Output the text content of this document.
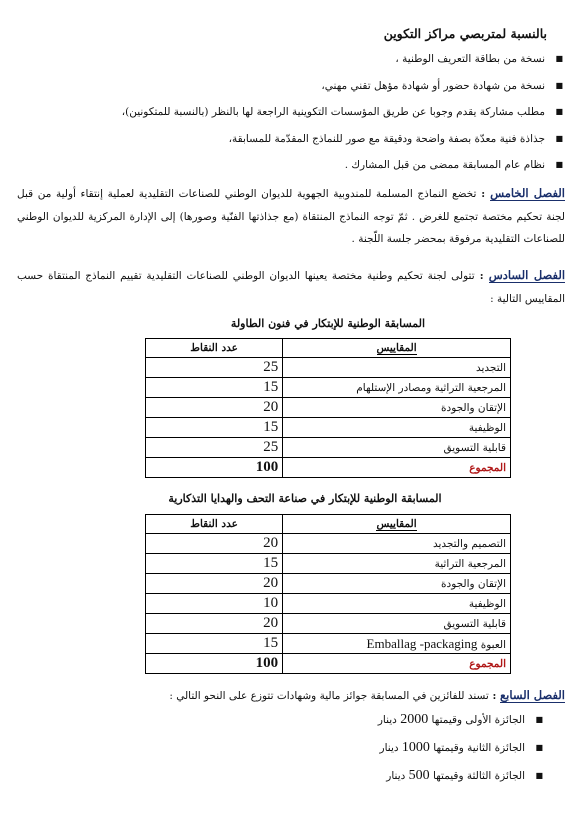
بالنسبة لمتربصي مراكز التكوين
■ نسخة من بطاقة التعريف الوطنية ،
■ نسخة من شهادة حضور أو شهادة مؤهل تقني مهني،
■ مطلب مشاركة يقدم وجوبا عن طريق المؤسسات التكوينية الراجعة لها بالنظر (بالنسبة للمتكونين)،
■ جذاذة فنية معدّة بصفة واضحة ودقيقة مع صور للنماذج المقدّمة للمسابقة،
■ نظام عام المسابقة ممضى من قبل المشارك .
الفصل الخامس : تخضع النماذج المسلمة للمندوبية الجهوية للديوان الوطني للصناعات التقليدية لعملية إنتقاء أولية من قبل لجنة تحكيم مختصة تجتمع للغرض . ثمّ توجه النماذج المنتقاة (مع جذاذتها الفنّية وصورها) إلى الإدارة المركزية للديوان الوطني للصناعات التقليدية مرفوقة بمحضر جلسة اللّجنة .
الفصل السادس : تتولى لجنة تحكيم وطنية مختصة يعينها الديوان الوطني للصناعات التقليدية تقييم النماذج المنتقاة حسب المقاييس التالية :
المسابقة الوطنية للإبتكار في فنون الطاولة
المقاييس	عدد النقاط
التجديد	25
المرجعية التراثية ومصادر الإستلهام	15
الإتقان والجودة	20
الوظيفية	15
قابلية التسويق	25
المجموع	100
المسابقة الوطنية للإبتكار في صناعة التحف والهدايا التذكارية
المقاييس	عدد النقاط
التصميم والتجديد	20
المرجعية التراثية	15
الإتقان والجودة	20
الوظيفية	10
قابلية التسويق	20
العبوة Emballag -packaging	15
المجموع	100
الفصل السابع : تسند للفائزين في المسابقة جوائز مالية وشهادات تتوزع على النحو التالي :
■ الجائزة الأولى وقيمتها 2000 دينار
■ الجائزة الثانية وقيمتها 1000 دينار
■ الجائزة الثالثة وقيمتها 500 دينار
